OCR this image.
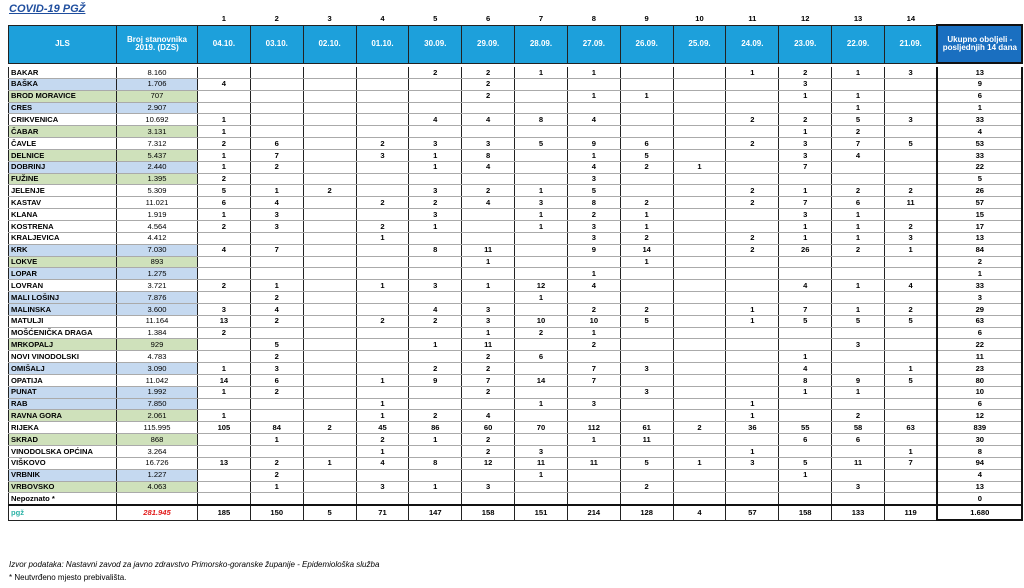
COVID-19 PGŽ
		1	2	3	4	5	6	7	8	9	10	11	12	13	14	
JLS	Broj stanovnika 2019. (DZS)	04.10.	03.10.	02.10.	01.10.	30.09.	29.09.	28.09.	27.09.	26.09.	25.09.	24.09.	23.09.	22.09.	21.09.	Ukupno oboljeli - posljednjih 14 dana

BAKAR	8.160					2	2	1	1			1	2	1	3	13
BAŠKA	1.706	4					2						3			9
BROD MORAVICE	707						2		1	1			1	1		6
CRES	2.907													1		1
CRIKVENICA	10.692	1				4	4	8	4			2	2	5	3	33
ČABAR	3.131	1											1	2		4
ČAVLE	7.312	2	6		2	3	3	5	9	6		2	3	7	5	53
DELNICE	5.437	1	7		3	1	8		1	5			3	4		33
DOBRINJ	2.440	1	2			1	4		4	2	1		7			22
FUŽINE	1.395	2							3							5
JELENJE	5.309	5	1	2		3	2	1	5			2	1	2	2	26
KASTAV	11.021	6	4		2	2	4	3	8	2		2	7	6	11	57
KLANA	1.919	1	3			3		1	2	1			3	1		15
KOSTRENA	4.564	2	3		2	1		1	3	1			1	1	2	17
KRALJEVICA	4.412				1				3	2		2	1	1	3	13
KRK	7.030	4	7			8	11		9	14		2	26	2	1	84
LOKVE	893						1			1						2
LOPAR	1.275								1							1
LOVRAN	3.721	2	1		1	3	1	12	4				4	1	4	33
MALI LOŠINJ	7.876		2					1								3
MALINSKA	3.600	3	4			4	3		2	2		1	7	1	2	29
MATULJI	11.164	13	2		2	2	3	10	10	5		1	5	5	5	63
MOŠĆENIČKA DRAGA	1.384	2					1	2	1							6
MRKOPALJ	929		5			1	11		2					3		22
NOVI VINODOLSKI	4.783		2				2	6					1			11
OMIŠALJ	3.090	1	3			2	2		7	3			4		1	23
OPATIJA	11.042	14	6		1	9	7	14	7				8	9	5	80
PUNAT	1.992	1	2				2			3			1	1		10
RAB	7.850				1			1	3			1				6
RAVNA GORA	2.061	1			1	2	4					1		2		12
RIJEKA	115.995	105	84	2	45	86	60	70	112	61	2	36	55	58	63	839
SKRAD	868		1		2	1	2		1	11			6	6		30
VINODOLSKA OPĆINA	3.264				1		2	3				1			1	8
VIŠKOVO	16.726	13	2	1	4	8	12	11	11	5	1	3	5	11	7	94
VRBNIK	1.227		2					1					1			4
VRBOVSKO	4.063		1		3	1	3			2				3		13
Nepoznato *																0
pgž	281.945	185	150	5	71	147	158	151	214	128	4	57	158	133	119	1.680
Izvor podataka: Nastavni zavod za javno zdravstvo Primorsko-goranske županije - Epidemiološka služba
* Neutvrđeno mjesto prebivališta.
